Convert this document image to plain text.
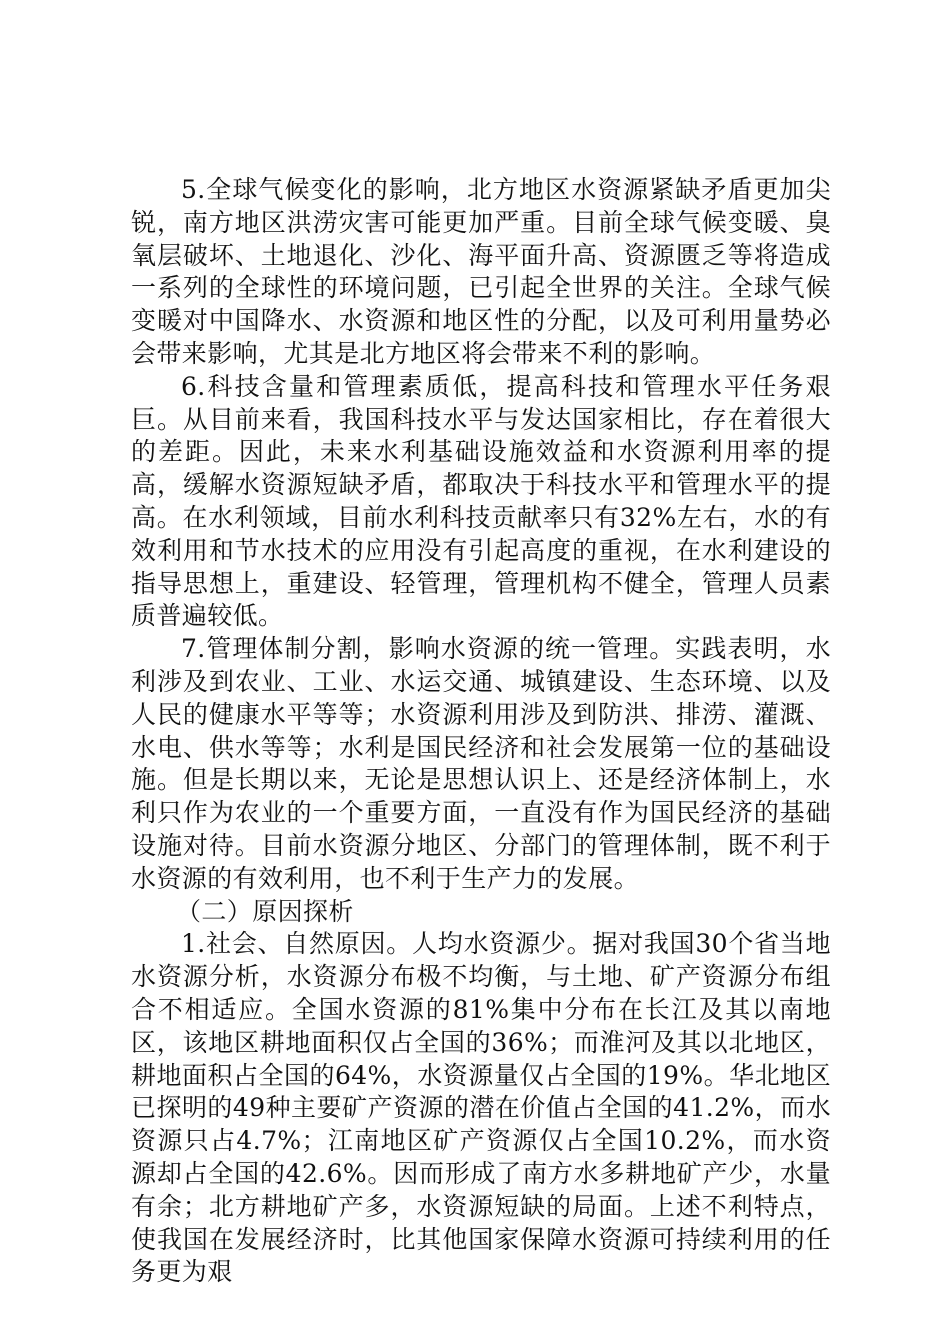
5.全球气候变化的影响，北方地区水资源紧缺矛盾更加尖锐，南方地区洪涝灾害可能更加严重。目前全球气候变暖、臭氧层破坏、土地退化、沙化、海平面升高、资源匮乏等将造成一系列的全球性的环境问题，已引起全世界的关注。全球气候变暖对中国降水、水资源和地区性的分配，以及可利用量势必会带来影响，尤其是北方地区将会带来不利的影响。

6.科技含量和管理素质低，提高科技和管理水平任务艰巨。从目前来看，我国科技水平与发达国家相比，存在着很大的差距。因此，未来水利基础设施效益和水资源利用率的提高，缓解水资源短缺矛盾，都取决于科技水平和管理水平的提高。在水利领域，目前水利科技贡献率只有32%左右，水的有效利用和节水技术的应用没有引起高度的重视，在水利建设的指导思想上，重建设、轻管理，管理机构不健全，管理人员素质普遍较低。

7.管理体制分割，影响水资源的统一管理。实践表明，水利涉及到农业、工业、水运交通、城镇建设、生态环境、以及人民的健康水平等等；水资源利用涉及到防洪、排涝、灌溉、水电、供水等等；水利是国民经济和社会发展第一位的基础设施。但是长期以来，无论是思想认识上、还是经济体制上，水利只作为农业的一个重要方面，一直没有作为国民经济的基础设施对待。目前水资源分地区、分部门的管理体制，既不利于水资源的有效利用，也不利于生产力的发展。

（二）原因探析

1.社会、自然原因。人均水资源少。据对我国30个省当地水资源分析，水资源分布极不均衡，与土地、矿产资源分布组合不相适应。全国水资源的81%集中分布在长江及其以南地区，该地区耕地面积仅占全国的36%；而淮河及其以北地区，耕地面积占全国的64%，水资源量仅占全国的19%。华北地区已探明的49种主要矿产资源的潜在价值占全国的41.2%，而水资源只占4.7%；江南地区矿产资源仅占全国10.2%，而水资源却占全国的42.6%。因而形成了南方水多耕地矿产少，水量有余；北方耕地矿产多，水资源短缺的局面。上述不利特点，使我国在发展经济时，比其他国家保障水资源可持续利用的任务更为艰
